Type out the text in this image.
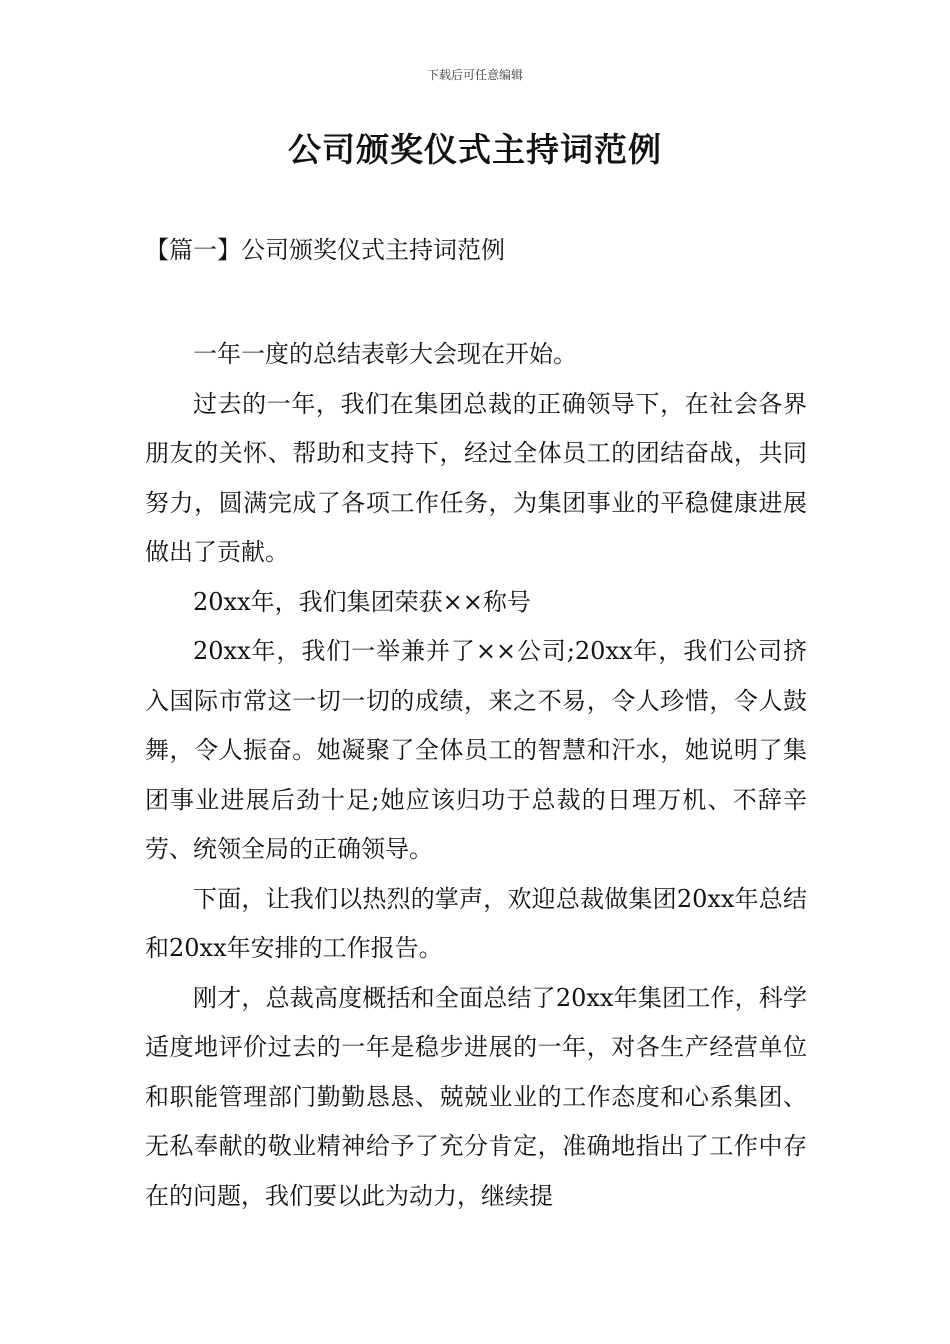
下载后可任意编辑
公司颁奖仪式主持词范例
【篇一】公司颁奖仪式主持词范例

一年一度的总结表彰大会现在开始。

过去的一年，我们在集团总裁的正确领导下，在社会各界朋友的关怀、帮助和支持下，经过全体员工的团结奋战，共同努力，圆满完成了各项工作任务，为集团事业的平稳健康进展做出了贡献。

20xx年，我们集团荣获××称号

20xx年，我们一举兼并了××公司;20xx年，我们公司挤入国际市常这一切一切的成绩，来之不易，令人珍惜，令人鼓舞，令人振奋。她凝聚了全体员工的智慧和汗水，她说明了集团事业进展后劲十足;她应该归功于总裁的日理万机、不辞辛劳、统领全局的正确领导。

下面，让我们以热烈的掌声，欢迎总裁做集团20xx年总结和20xx年安排的工作报告。

刚才，总裁高度概括和全面总结了20xx年集团工作，科学适度地评价过去的一年是稳步进展的一年，对各生产经营单位和职能管理部门勤勤恳恳、兢兢业业的工作态度和心系集团、无私奉献的敬业精神给予了充分肯定，准确地指出了工作中存在的问题，我们要以此为动力，继续提
